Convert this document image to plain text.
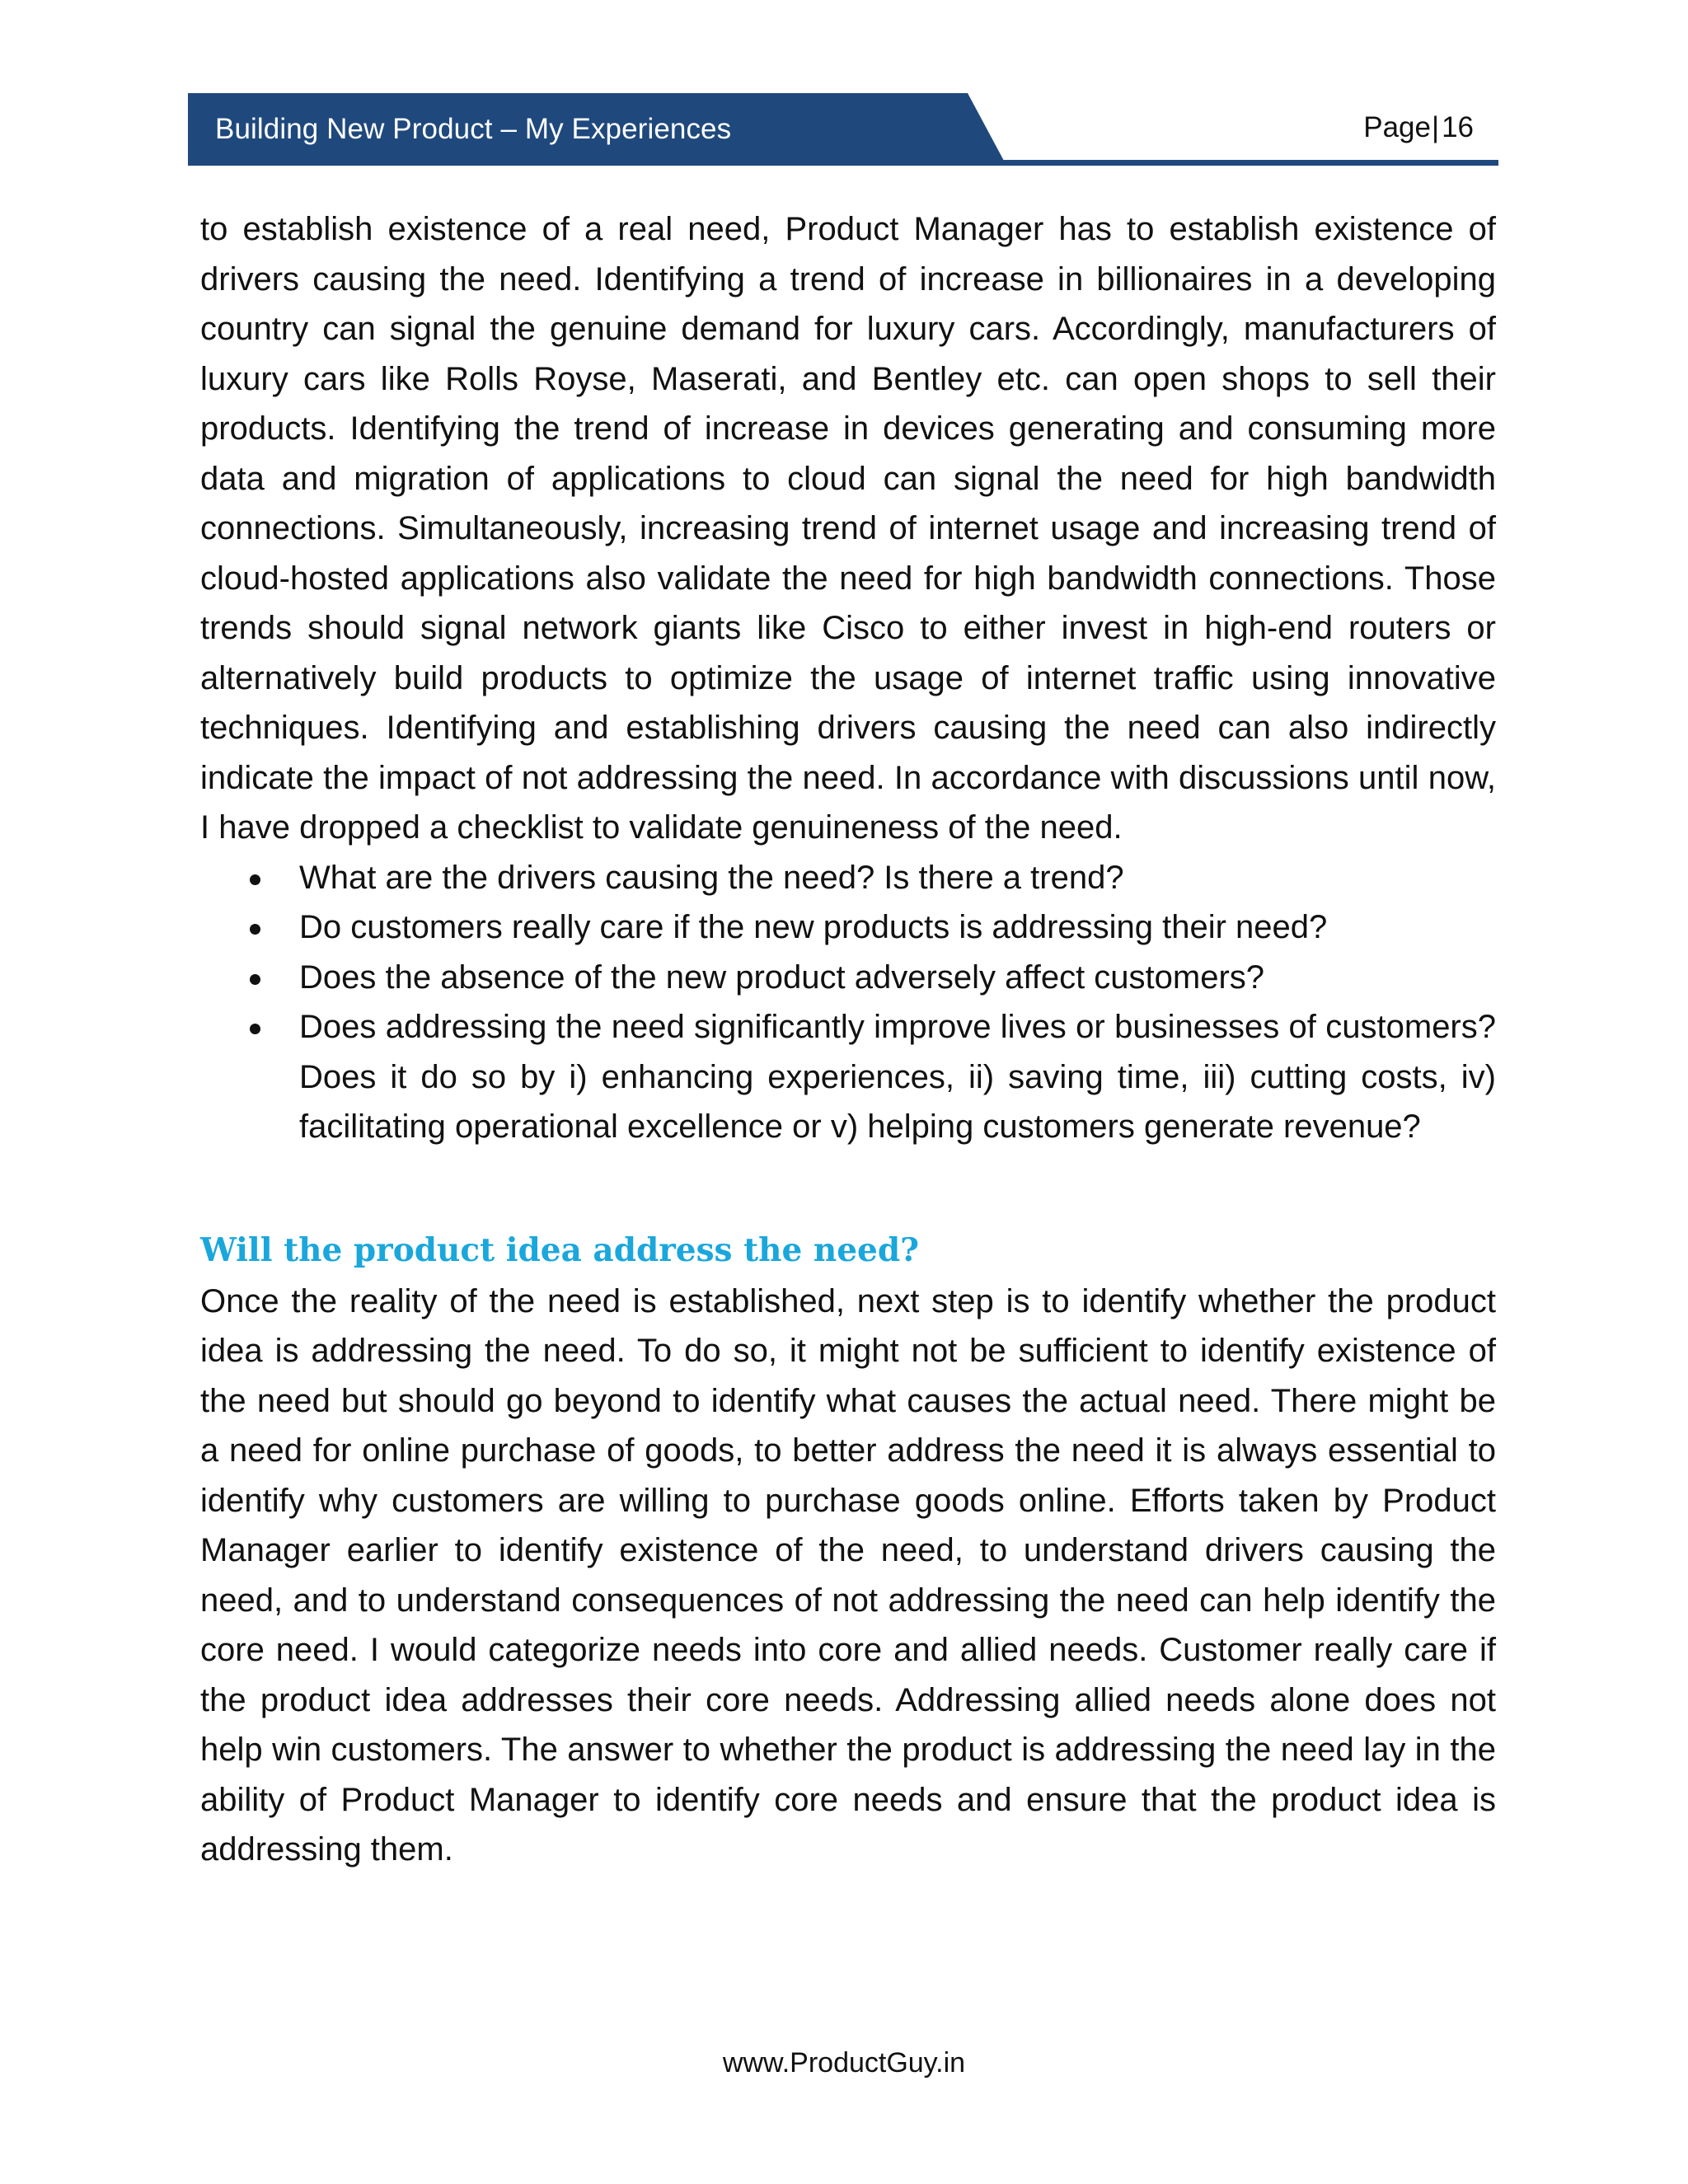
Building New Product – My Experiences	Page|16

to establish existence of a real need, Product Manager has to establish existence of drivers causing the need. Identifying a trend of increase in billionaires in a developing country can signal the genuine demand for luxury cars. Accordingly, manufacturers of luxury cars like Rolls Royse, Maserati, and Bentley etc. can open shops to sell their products. Identifying the trend of increase in devices generating and consuming more data and migration of applications to cloud can signal the need for high bandwidth connections. Simultaneously, increasing trend of internet usage and increasing trend of cloud-hosted applications also validate the need for high bandwidth connections. Those trends should signal network giants like Cisco to either invest in high-end routers or alternatively build products to optimize the usage of internet traffic using innovative techniques. Identifying and establishing drivers causing the need can also indirectly indicate the impact of not addressing the need. In accordance with discussions until now, I have dropped a checklist to validate genuineness of the need.

What are the drivers causing the need? Is there a trend?
Do customers really care if the new products is addressing their need?
Does the absence of the new product adversely affect customers?
Does addressing the need significantly improve lives or businesses of customers? Does it do so by i) enhancing experiences, ii) saving time, iii) cutting costs, iv) facilitating operational excellence or v) helping customers generate revenue?
Will the product idea address the need?

Once the reality of the need is established, next step is to identify whether the product idea is addressing the need. To do so, it might not be sufficient to identify existence of the need but should go beyond to identify what causes the actual need. There might be a need for online purchase of goods, to better address the need it is always essential to identify why customers are willing to purchase goods online. Efforts taken by Product Manager earlier to identify existence of the need, to understand drivers causing the need, and to understand consequences of not addressing the need can help identify the core need. I would categorize needs into core and allied needs. Customer really care if the product idea addresses their core needs. Addressing allied needs alone does not help win customers. The answer to whether the product is addressing the need lay in the ability of Product Manager to identify core needs and ensure that the product idea is addressing them.

www.ProductGuy.in
